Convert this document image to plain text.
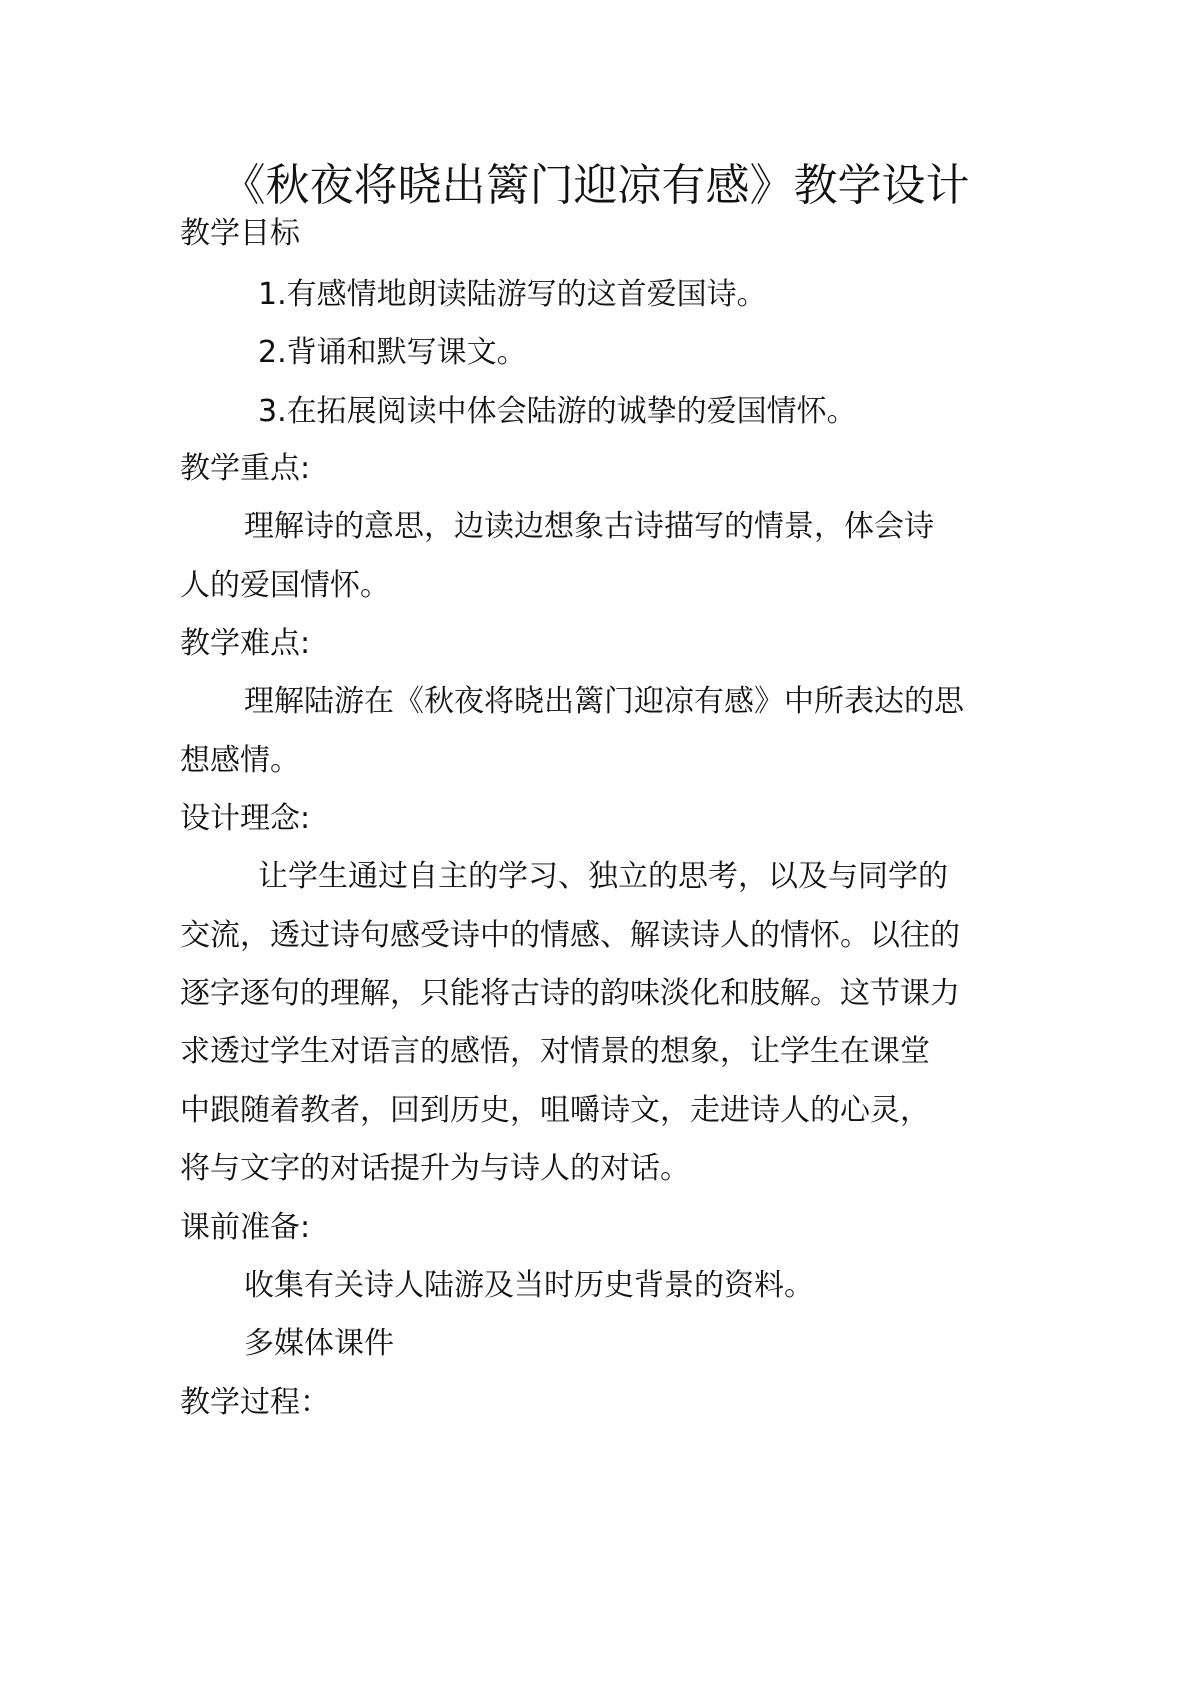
《秋夜将晓出篱门迎凉有感》教学设计
教学目标
1.有感情地朗读陆游写的这首爱国诗。
2.背诵和默写课文。
3.在拓展阅读中体会陆游的诚挚的爱国情怀。
教学重点:
理解诗的意思，边读边想象古诗描写的情景，体会诗
人的爱国情怀。
教学难点:
理解陆游在《秋夜将晓出篱门迎凉有感》中所表达的思
想感情。
设计理念:
让学生通过自主的学习、独立的思考，以及与同学的
交流，透过诗句感受诗中的情感、解读诗人的情怀。以往的
逐字逐句的理解，只能将古诗的韵味淡化和肢解。这节课力
求透过学生对语言的感悟，对情景的想象，让学生在课堂
中跟随着教者，回到历史，咀嚼诗文，走进诗人的心灵，
将与文字的对话提升为与诗人的对话。
课前准备:
收集有关诗人陆游及当时历史背景的资料。
多媒体课件
教学过程：
